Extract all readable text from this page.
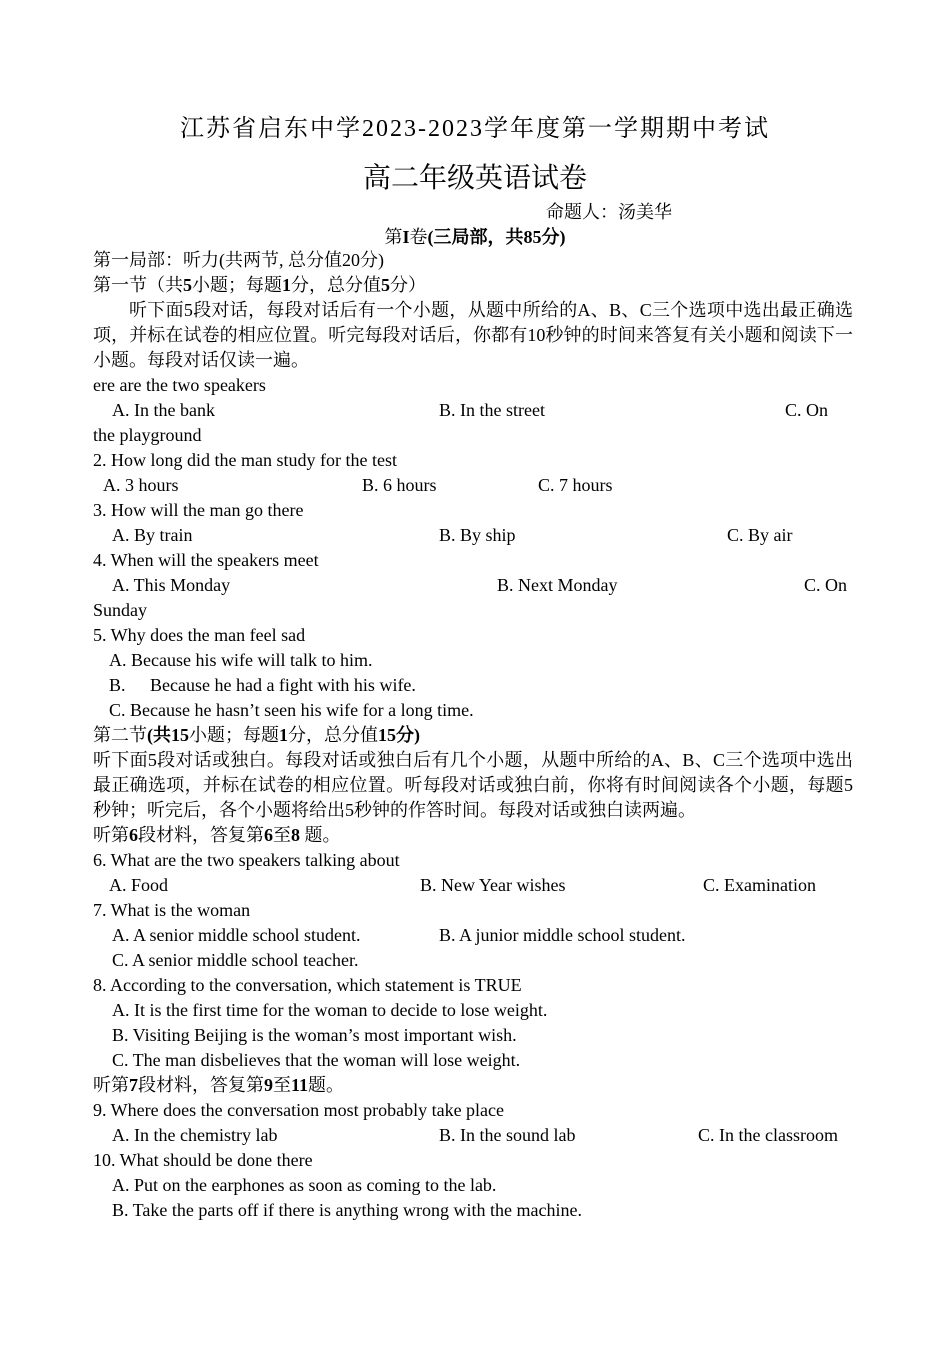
江苏省启东中学2023-2023学年度第一学期期中考试
高二年级英语试卷
命题人：汤美华
第I卷(三局部，共85分)
第一局部：听力(共两节, 总分值20分)
第一节（共5小题；每题1分，总分值5分）
听下面5段对话，每段对话后有一个小题，从题中所给的A、B、C三个选项中选出最正确选项，并标在试卷的相应位置。听完每段对话后，你都有10秒钟的时间来答复有关小题和阅读下一小题。每段对话仅读一遍。
ere are the two speakers
A. In the bank	B. In the street	C. On
the playground
2. How long did the man study for the test
A. 3 hours	B. 6 hours	C. 7 hours
3. How will the man go there
A. By train	B. By ship	C. By air
4. When will the speakers meet
A. This Monday	B. Next Monday	C. On
Sunday
5. Why does the man feel sad
A. Because his wife will talk to him.
B. Because he had a fight with his wife.
C. Because he hasn’t seen his wife for a long time.
第二节(共15小题；每题1分，总分值15分)
听下面5段对话或独白。每段对话或独白后有几个小题，从题中所给的A、B、C三个选项中选出最正确选项，并标在试卷的相应位置。听每段对话或独白前，你将有时间阅读各个小题，每题5秒钟；听完后，各个小题将给出5秒钟的作答时间。每段对话或独白读两遍。
听第6段材料，答复第6至8 题。
6. What are the two speakers talking about
A. Food	B. New Year wishes	C. Examination
7. What is the woman
A. A senior middle school student.	B. A junior middle school student.
C. A senior middle school teacher.
8. According to the conversation, which statement is TRUE
A. It is the first time for the woman to decide to lose weight.
B. Visiting Beijing is the woman’s most important wish.
C. The man disbelieves that the woman will lose weight.
听第7段材料，答复第9至11题。
9. Where does the conversation most probably take place
A. In the chemistry lab	B. In the sound lab	C. In the classroom
10. What should be done there
A. Put on the earphones as soon as coming to the lab.
B. Take the parts off if there is anything wrong with the machine.
